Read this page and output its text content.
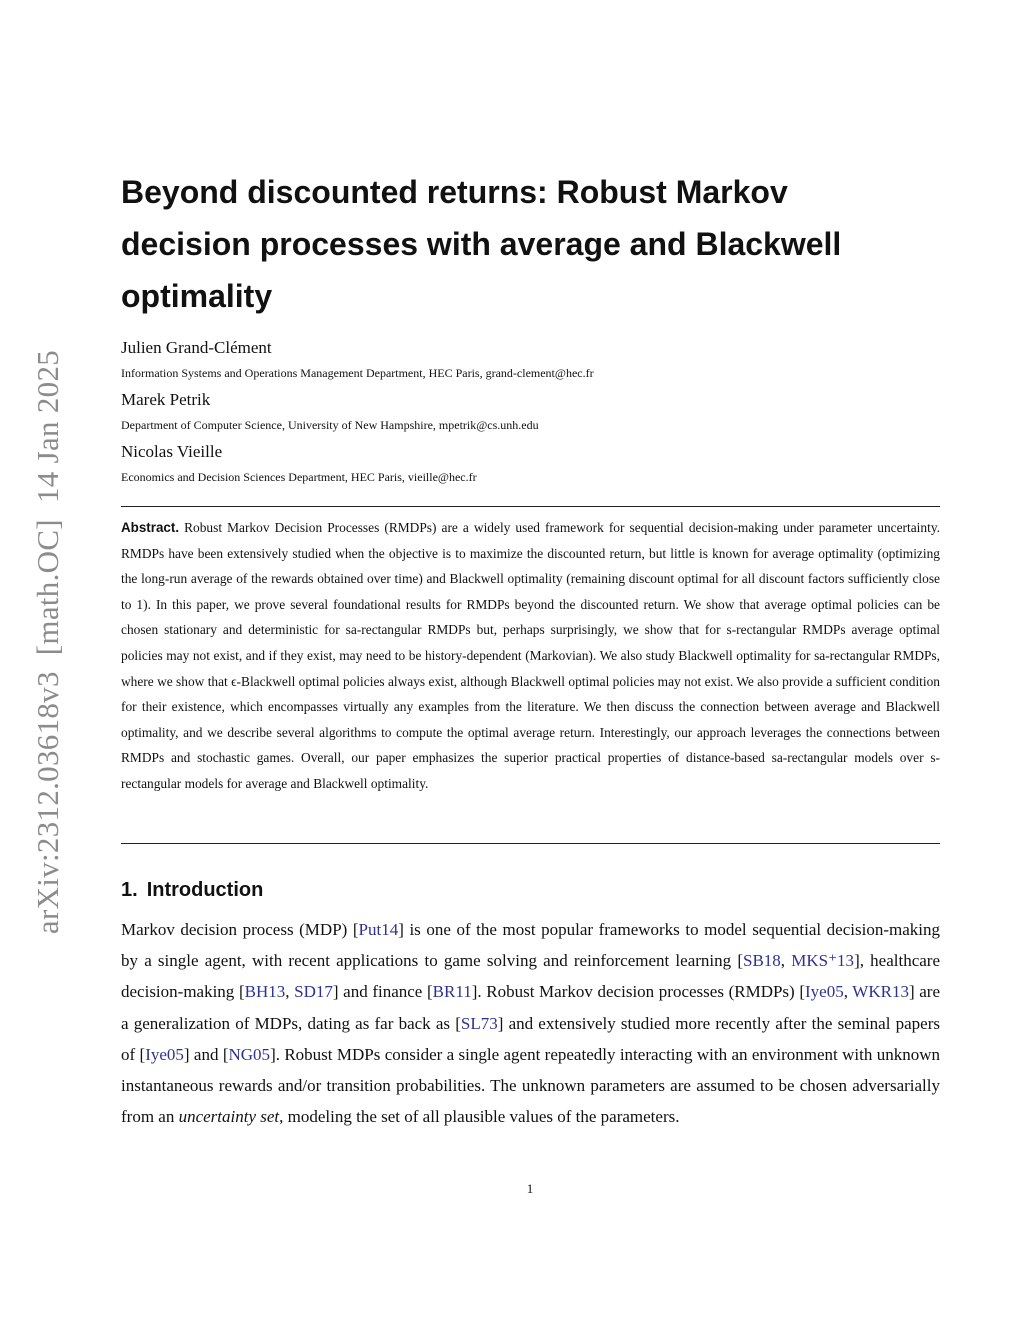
arXiv:2312.03618v3[math.OC]14 Jan 2025
Beyond discounted returns: Robust Markov decision processes with average and Blackwell optimality
Julien Grand-Clément
Information Systems and Operations Management Department, HEC Paris, grand-clement@hec.fr
Marek Petrik
Department of Computer Science, University of New Hampshire, mpetrik@cs.unh.edu
Nicolas Vieille
Economics and Decision Sciences Department, HEC Paris, vieille@hec.fr

Abstract. Robust Markov Decision Processes (RMDPs) are a widely used framework for sequential decision-making under parameter uncertainty. RMDPs have been extensively studied when the objective is to maximize the discounted return, but little is known for average optimality (optimizing the long-run average of the rewards obtained over time) and Blackwell optimality (remaining discount optimal for all discount factors sufficiently close to 1). In this paper, we prove several foundational results for RMDPs beyond the discounted return. We show that average optimal policies can be chosen stationary and deterministic for sa-rectangular RMDPs but, perhaps surprisingly, we show that for s-rectangular RMDPs average optimal policies may not exist, and if they exist, may need to be history-dependent (Markovian). We also study Blackwell optimality for sa-rectangular RMDPs, where we show that ϵ-Blackwell optimal policies always exist, although Blackwell optimal policies may not exist. We also provide a sufficient condition for their existence, which encompasses virtually any examples from the literature. We then discuss the connection between average and Blackwell optimality, and we describe several algorithms to compute the optimal average return. Interestingly, our approach leverages the connections between RMDPs and stochastic games. Overall, our paper emphasizes the superior practical properties of distance-based sa-rectangular models over s-rectangular models for average and Blackwell optimality.

1. Introduction

Markov decision process (MDP) [Put14] is one of the most popular frameworks to model sequential decision-making by a single agent, with recent applications to game solving and reinforcement learning [SB18, MKS⁺13], healthcare decision-making [BH13, SD17] and finance [BR11]. Robust Markov decision processes (RMDPs) [Iye05, WKR13] are a generalization of MDPs, dating as far back as [SL73] and extensively studied more recently after the seminal papers of [Iye05] and [NG05]. Robust MDPs consider a single agent repeatedly interacting with an environment with unknown instantaneous rewards and/or transition probabilities. The unknown parameters are assumed to be chosen adversarially from an uncertainty set, modeling the set of all plausible values of the parameters.

1
